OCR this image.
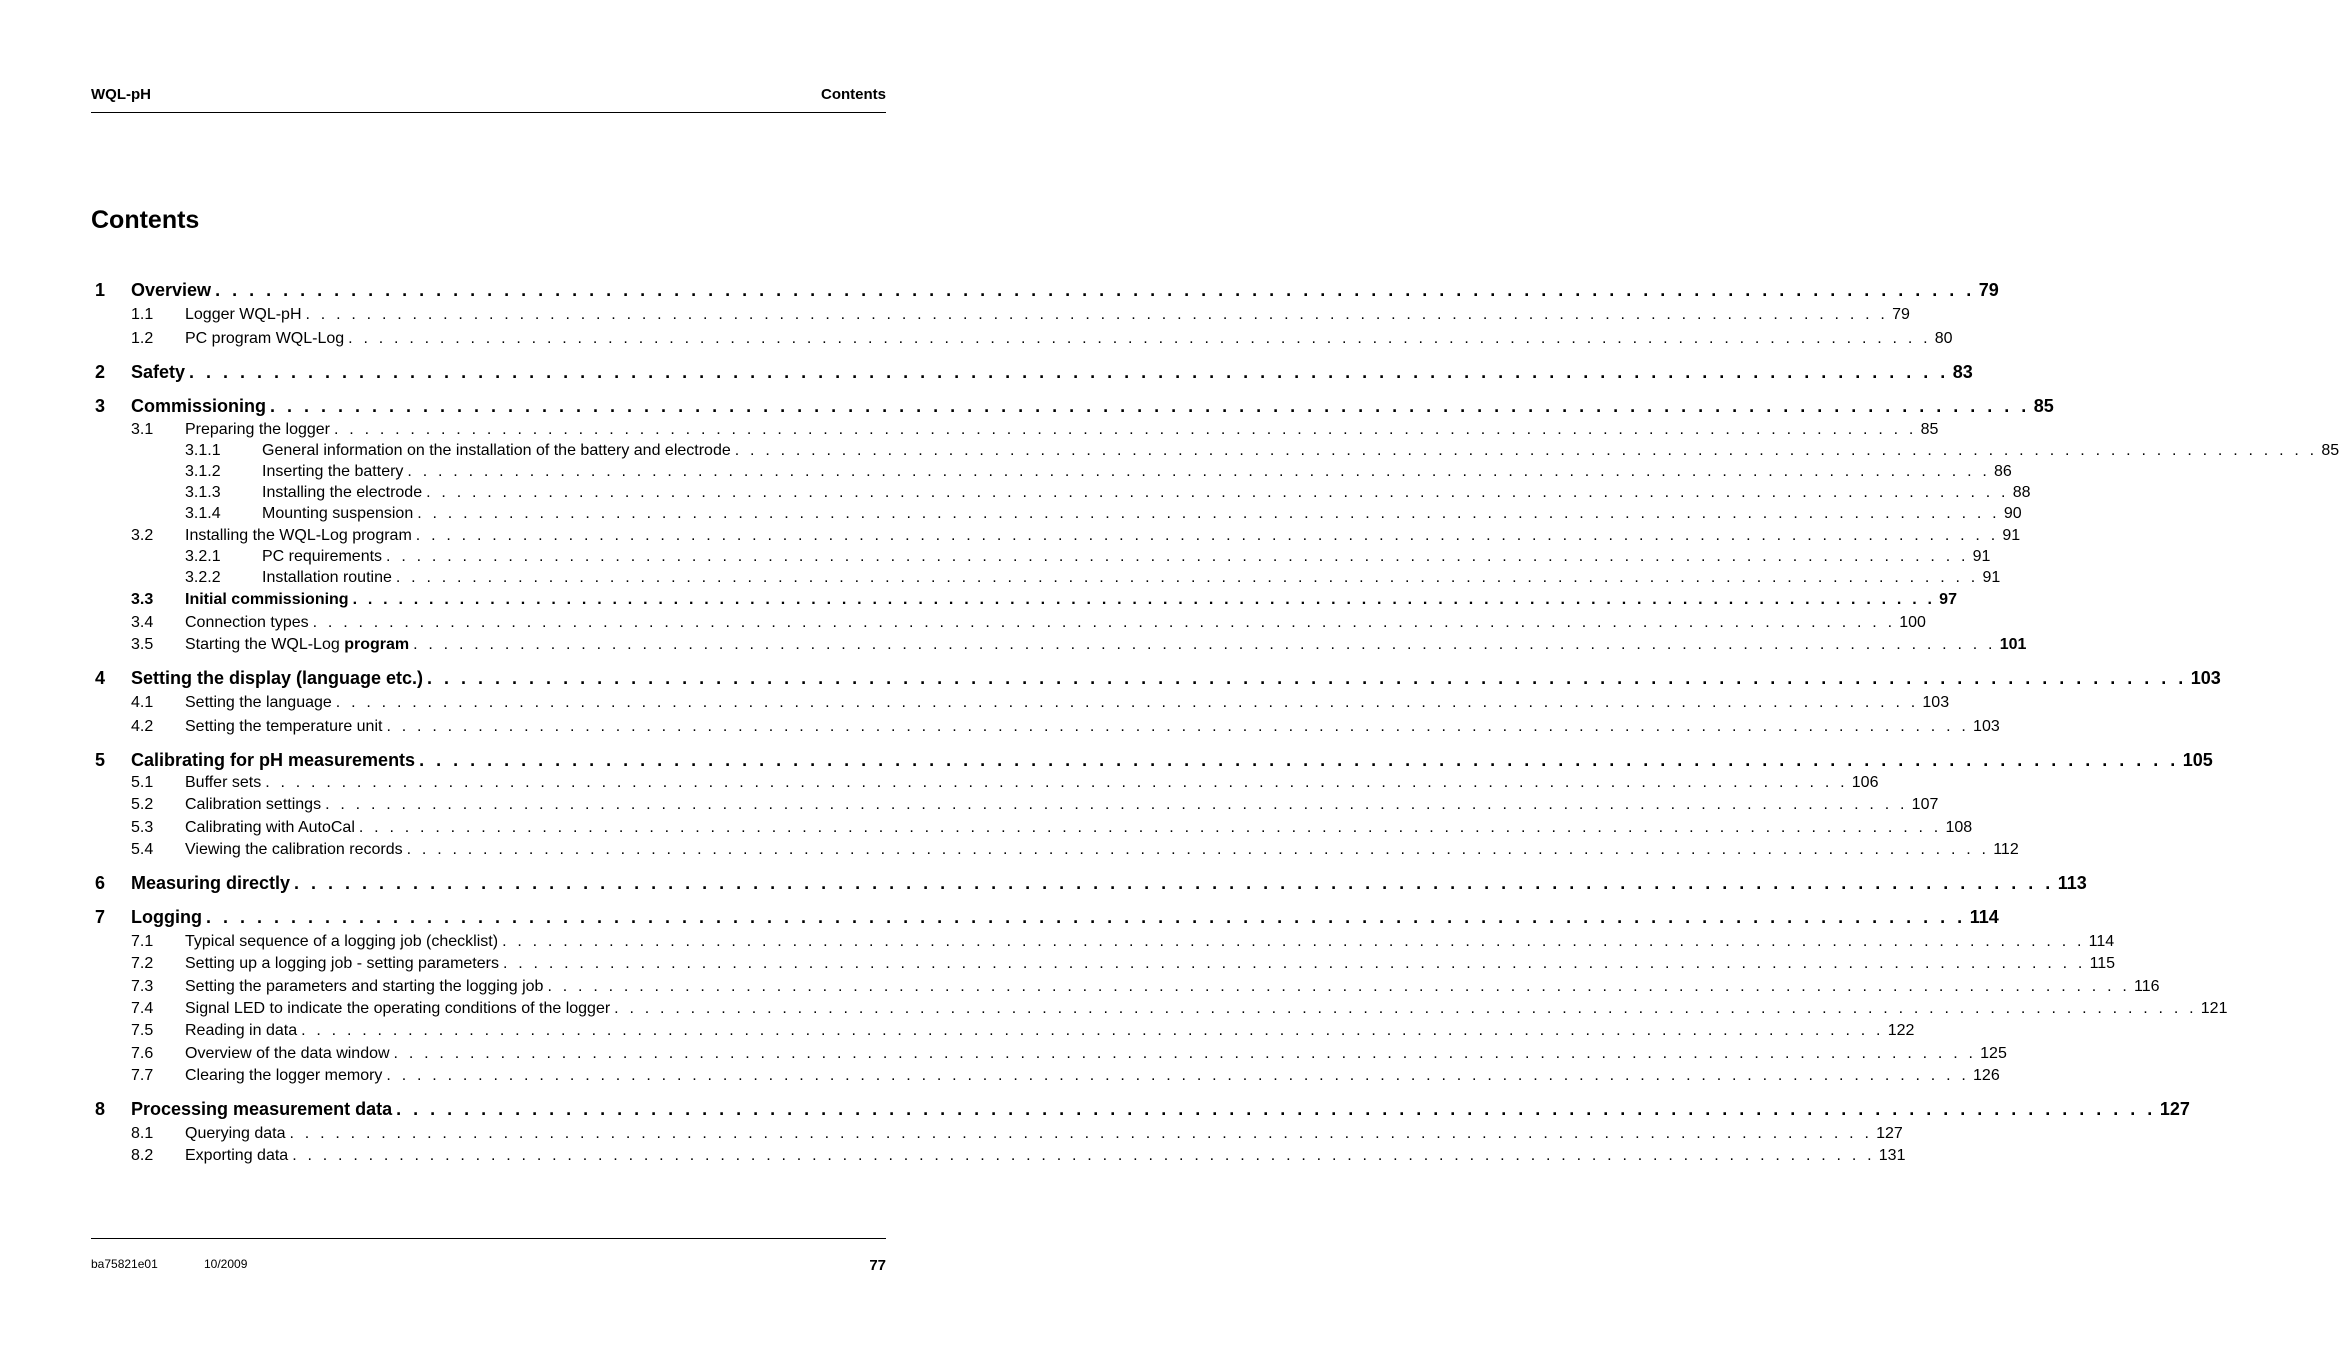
WQL-pH	Contents
Contents
1 Overview . . . . . . . . . . . . . . . . . . . . . . . . . . . . . . . . . . . . . . . . . . . . . . . . . . . . . . . . . . . . . . . . . . . . . . . . . . . . . . . . . . . . . . . . . . . . . . . . . . . . . . . . 79
1.1 Logger WQL-pH . . . . . . . . . . . . . . . . . . . . . . . . . . . . . . . . . . . . . . . . . . . . . . . . . . . . . . . . . . . . . . . . . . . . . . . . . . . . . . . . . . . . . . . . . . . . . . . . . . . . . . . . 79
1.2 PC program WQL-Log . . . . . . . . . . . . . . . . . . . . . . . . . . . . . . . . . . . . . . . . . . . . . . . . . . . . . . . . . . . . . . . . . . . . . . . . . . . . . . . . . . . . . . . . . . . . . . . . . . . . . . . . 80
2 Safety . . . . . . . . . . . . . . . . . . . . . . . . . . . . . . . . . . . . . . . . . . . . . . . . . . . . . . . . . . . . . . . . . . . . . . . . . . . . . . . . . . . . . . . . . . . . . . . . . . . . . . . . 83
3 Commissioning . . . . . . . . . . . . . . . . . . . . . . . . . . . . . . . . . . . . . . . . . . . . . . . . . . . . . . . . . . . . . . . . . . . . . . . . . . . . . . . . . . . . . . . . . . . . . . . . . . . . . . . . 85
3.1 Preparing the logger . . . . . . . . . . . . . . . . . . . . . . . . . . . . . . . . . . . . . . . . . . . . . . . . . . . . . . . . . . . . . . . . . . . . . . . . . . . . . . . . . . . . . . . . . . . . . . . . . . . . . . . . 85
3.1.1	General information on the installation of the battery and electrode . . . . . . . . . . . . . . . . . . . . . . . . . . . . . . . . . . . . . . . . . . . . . . . . . . . . . . . . . . . . . . . . . . . . . . . . . . . . . . . . . . . . . . . . . . . . . . . . . . . . . . . . 85
3.1.2	Inserting the battery . . . . . . . . . . . . . . . . . . . . . . . . . . . . . . . . . . . . . . . . . . . . . . . . . . . . . . . . . . . . . . . . . . . . . . . . . . . . . . . . . . . . . . . . . . . . . . . . . . . . . . . . 86
3.1.3	Installing the electrode . . . . . . . . . . . . . . . . . . . . . . . . . . . . . . . . . . . . . . . . . . . . . . . . . . . . . . . . . . . . . . . . . . . . . . . . . . . . . . . . . . . . . . . . . . . . . . . . . . . . . . . . 88
3.1.4	Mounting suspension . . . . . . . . . . . . . . . . . . . . . . . . . . . . . . . . . . . . . . . . . . . . . . . . . . . . . . . . . . . . . . . . . . . . . . . . . . . . . . . . . . . . . . . . . . . . . . . . . . . . . . . . 90
3.2 Installing the WQL-Log program . . . . . . . . . . . . . . . . . . . . . . . . . . . . . . . . . . . . . . . . . . . . . . . . . . . . . . . . . . . . . . . . . . . . . . . . . . . . . . . . . . . . . . . . . . . . . . . . . . . . . . . . 91
3.2.1	PC requirements . . . . . . . . . . . . . . . . . . . . . . . . . . . . . . . . . . . . . . . . . . . . . . . . . . . . . . . . . . . . . . . . . . . . . . . . . . . . . . . . . . . . . . . . . . . . . . . . . . . . . . . . 91
3.2.2	Installation routine . . . . . . . . . . . . . . . . . . . . . . . . . . . . . . . . . . . . . . . . . . . . . . . . . . . . . . . . . . . . . . . . . . . . . . . . . . . . . . . . . . . . . . . . . . . . . . . . . . . . . . . . 91
3.3 Initial commissioning . . . . . . . . . . . . . . . . . . . . . . . . . . . . . . . . . . . . . . . . . . . . . . . . . . . . . . . . . . . . . . . . . . . . . . . . . . . . . . . . . . . . . . . . . . . . . . . . . . . . . . . . 97
3.4 Connection types . . . . . . . . . . . . . . . . . . . . . . . . . . . . . . . . . . . . . . . . . . . . . . . . . . . . . . . . . . . . . . . . . . . . . . . . . . . . . . . . . . . . . . . . . . . . . . . . . . . . . . . . 100
3.5 Starting the WQL-Log program . . . . . . . . . . . . . . . . . . . . . . . . . . . . . . . . . . . . . . . . . . . . . . . . . . . . . . . . . . . . . . . . . . . . . . . . . . . . . . . . . . . . . . . . . . . . . . . . . . . . . . . . 101
4 Setting the display (language etc.) . . . . . . . . . . . . . . . . . . . . . . . . . . . . . . . . . . . . . . . . . . . . . . . . . . . . . . . . . . . . . . . . . . . . . . . . . . . . . . . . . . . . . . . . . . . . . . . . . . . . . . . . 103
4.1 Setting the language . . . . . . . . . . . . . . . . . . . . . . . . . . . . . . . . . . . . . . . . . . . . . . . . . . . . . . . . . . . . . . . . . . . . . . . . . . . . . . . . . . . . . . . . . . . . . . . . . . . . . . . . 103
4.2 Setting the temperature unit . . . . . . . . . . . . . . . . . . . . . . . . . . . . . . . . . . . . . . . . . . . . . . . . . . . . . . . . . . . . . . . . . . . . . . . . . . . . . . . . . . . . . . . . . . . . . . . . . . . . . . . . 103
5 Calibrating for pH measurements . . . . . . . . . . . . . . . . . . . . . . . . . . . . . . . . . . . . . . . . . . . . . . . . . . . . . . . . . . . . . . . . . . . . . . . . . . . . . . . . . . . . . . . . . . . . . . . . . . . . . . . . 105
5.1 Buffer sets . . . . . . . . . . . . . . . . . . . . . . . . . . . . . . . . . . . . . . . . . . . . . . . . . . . . . . . . . . . . . . . . . . . . . . . . . . . . . . . . . . . . . . . . . . . . . . . . . . . . . . . . 106
5.2 Calibration settings . . . . . . . . . . . . . . . . . . . . . . . . . . . . . . . . . . . . . . . . . . . . . . . . . . . . . . . . . . . . . . . . . . . . . . . . . . . . . . . . . . . . . . . . . . . . . . . . . . . . . . . . 107
5.3 Calibrating with AutoCal . . . . . . . . . . . . . . . . . . . . . . . . . . . . . . . . . . . . . . . . . . . . . . . . . . . . . . . . . . . . . . . . . . . . . . . . . . . . . . . . . . . . . . . . . . . . . . . . . . . . . . . . 108
5.4 Viewing the calibration records . . . . . . . . . . . . . . . . . . . . . . . . . . . . . . . . . . . . . . . . . . . . . . . . . . . . . . . . . . . . . . . . . . . . . . . . . . . . . . . . . . . . . . . . . . . . . . . . . . . . . . . . 112
6 Measuring directly . . . . . . . . . . . . . . . . . . . . . . . . . . . . . . . . . . . . . . . . . . . . . . . . . . . . . . . . . . . . . . . . . . . . . . . . . . . . . . . . . . . . . . . . . . . . . . . . . . . . . . . . 113
7 Logging . . . . . . . . . . . . . . . . . . . . . . . . . . . . . . . . . . . . . . . . . . . . . . . . . . . . . . . . . . . . . . . . . . . . . . . . . . . . . . . . . . . . . . . . . . . . . . . . . . . . . . . . 114
7.1 Typical sequence of a logging job (checklist) . . . . . . . . . . . . . . . . . . . . . . . . . . . . . . . . . . . . . . . . . . . . . . . . . . . . . . . . . . . . . . . . . . . . . . . . . . . . . . . . . . . . . . . . . . . . . . . . . . . . . . . . 114
7.2 Setting up a logging job - setting parameters . . . . . . . . . . . . . . . . . . . . . . . . . . . . . . . . . . . . . . . . . . . . . . . . . . . . . . . . . . . . . . . . . . . . . . . . . . . . . . . . . . . . . . . . . . . . . . . . . . . . . . . . 115
7.3 Setting the parameters and starting the logging job . . . . . . . . . . . . . . . . . . . . . . . . . . . . . . . . . . . . . . . . . . . . . . . . . . . . . . . . . . . . . . . . . . . . . . . . . . . . . . . . . . . . . . . . . . . . . . . . . . . . . . . . 116
7.4 Signal LED to indicate the operating conditions of the logger . . . . . . . . . . . . . . . . . . . . . . . . . . . . . . . . . . . . . . . . . . . . . . . . . . . . . . . . . . . . . . . . . . . . . . . . . . . . . . . . . . . . . . . . . . . . . . . . . . . . . . . . 121
7.5 Reading in data . . . . . . . . . . . . . . . . . . . . . . . . . . . . . . . . . . . . . . . . . . . . . . . . . . . . . . . . . . . . . . . . . . . . . . . . . . . . . . . . . . . . . . . . . . . . . . . . . . . . . . . . 122
7.6 Overview of the data window . . . . . . . . . . . . . . . . . . . . . . . . . . . . . . . . . . . . . . . . . . . . . . . . . . . . . . . . . . . . . . . . . . . . . . . . . . . . . . . . . . . . . . . . . . . . . . . . . . . . . . . . 125
7.7 Clearing the logger memory . . . . . . . . . . . . . . . . . . . . . . . . . . . . . . . . . . . . . . . . . . . . . . . . . . . . . . . . . . . . . . . . . . . . . . . . . . . . . . . . . . . . . . . . . . . . . . . . . . . . . . . . 126
8 Processing measurement data . . . . . . . . . . . . . . . . . . . . . . . . . . . . . . . . . . . . . . . . . . . . . . . . . . . . . . . . . . . . . . . . . . . . . . . . . . . . . . . . . . . . . . . . . . . . . . . . . . . . . . . . 127
8.1 Querying data . . . . . . . . . . . . . . . . . . . . . . . . . . . . . . . . . . . . . . . . . . . . . . . . . . . . . . . . . . . . . . . . . . . . . . . . . . . . . . . . . . . . . . . . . . . . . . . . . . . . . . . . 127
8.2 Exporting data . . . . . . . . . . . . . . . . . . . . . . . . . . . . . . . . . . . . . . . . . . . . . . . . . . . . . . . . . . . . . . . . . . . . . . . . . . . . . . . . . . . . . . . . . . . . . . . . . . . . . . . . 131
ba75821e01	10/2009	77
